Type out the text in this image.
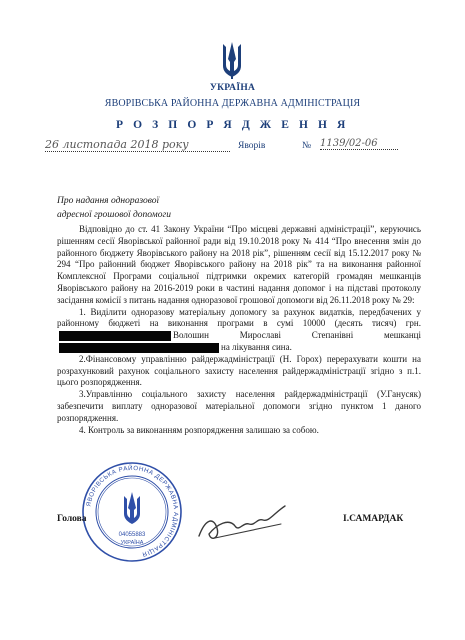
УКРАЇНА
ЯВОРІВСЬКА РАЙОННА ДЕРЖАВНА АДМІНІСТРАЦІЯ
Р О З П О Р Я Д Ж Е Н Н Я
26 листопада 2018 року	Яворів	№ 1139/02-06
Про надання одноразової
адресної грошової допомоги

Відповідно до ст. 41 Закону України “Про місцеві державні адміністрації”, керуючись рішенням сесії Яворівської районної ради від 19.10.2018 року № 414 “Про внесення змін до районного бюджету Яворівського району на 2018 рік”, рішенням сесії від 15.12.2017 року № 294 “Про районний бюджет Яворівського району на 2018 рік” та на виконання районної Комплексної Програми соціальної підтримки окремих категорій громадян мешканців Яворівського району на 2016-2019 роки в частині надання допомог і на підставі протоколу засідання комісії з питань надання одноразової грошової допомоги від 26.11.2018 року № 29:

1. Виділити одноразову матеріальну допомогу за рахунок видатків, передбачених у районному бюджеті на виконання програми в сумі 10000 (десять тисяч) грн.Волошин Мирославі Степанівні	мешканціна лікування сина.

2.Фінансовому управлінню райдержадміністрації (Н. Горох) перерахувати кошти на розрахунковий рахунок соціального захисту населення райдержадміністрації згідно з п.1. цього розпорядження.

3.Управлінню соціального захисту населення райдержадміністрації (У.Ганусяк) забезпечити виплату одноразової матеріальної допомоги згідно пунктом 1 даного розпорядження.

4. Контроль за виконанням розпорядження залишаю за собою.

ЯВОРІВСЬКА РАЙОННА ДЕРЖАВНА АДМІНІСТРАЦІЯ
04055883
УКРАЇНА
Голова	І.САМАРДАК
